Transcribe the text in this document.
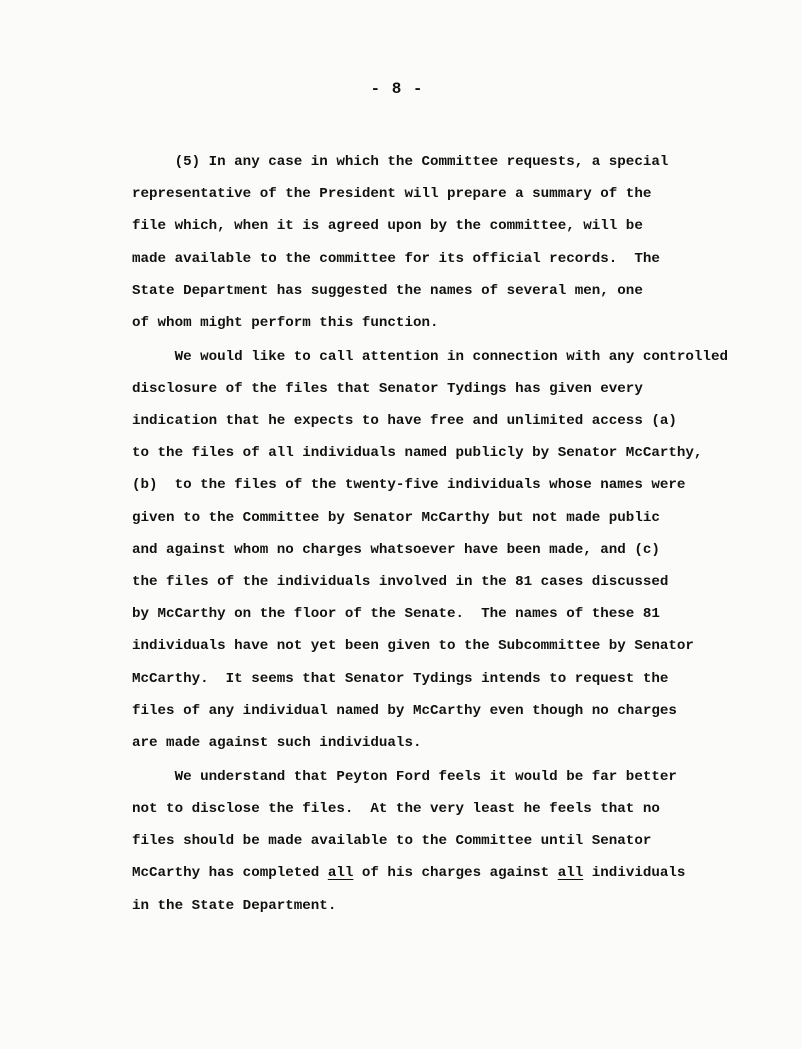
- 8 -
(5) In any case in which the Committee requests, a special
representative of the President will prepare a summary of the
file which, when it is agreed upon by the committee, will be
made available to the committee for its official records.  The
State Department has suggested the names of several men, one
of whom might perform this function.
We would like to call attention in connection with any controlled
disclosure of the files that Senator Tydings has given every
indication that he expects to have free and unlimited access (a)
to the files of all individuals named publicly by Senator McCarthy,
(b)  to the files of the twenty-five individuals whose names were
given to the Committee by Senator McCarthy but not made public
and against whom no charges whatsoever have been made, and (c)
the files of the individuals involved in the 81 cases discussed
by McCarthy on the floor of the Senate.  The names of these 81
individuals have not yet been given to the Subcommittee by Senator
McCarthy.  It seems that Senator Tydings intends to request the
files of any individual named by McCarthy even though no charges
are made against such individuals.
We understand that Peyton Ford feels it would be far better
not to disclose the files.  At the very least he feels that no
files should be made available to the Committee until Senator
McCarthy has completed all of his charges against all individuals
in the State Department.
